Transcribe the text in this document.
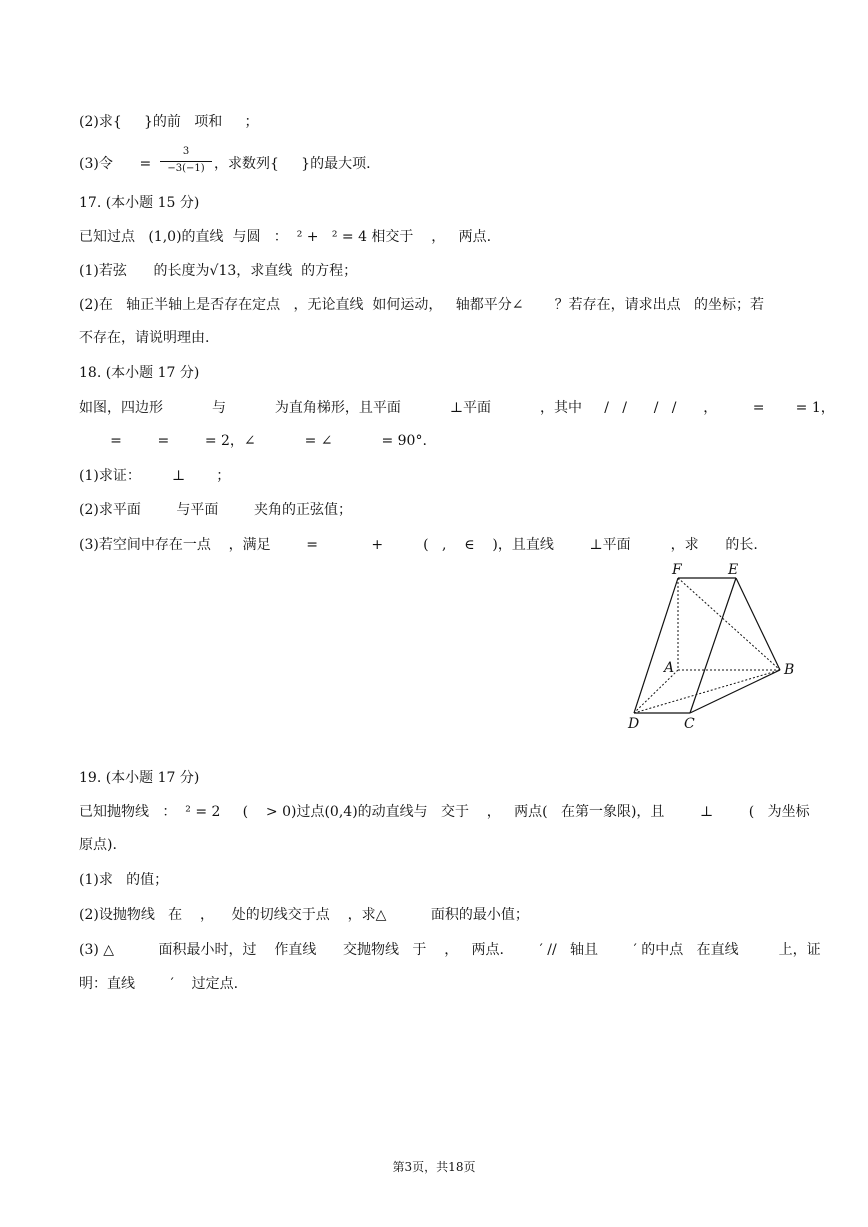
(2)求{     }的前   项和     ；
(3)令      =
3
−3(−1) ，求数列{     }的最大项.
17. (本小题 15 分)
已知过点   (1,0)的直线  与圆   ：  ² +   ² = 4 相交于    ，   两点.
(1)若弦      的长度为√13，求直线  的方程；
(2)在   轴正半轴上是否存在定点   ，无论直线  如何运动，   轴都平分∠       ？若存在，请求出点   的坐标；若
不存在，请说明理由.
18. (本小题 17 分)
如图，四边形           与           为直角梯形，且平面           ⊥平面           ，其中     /   /      /   /      ，        =       = 1，
=        =        = 2，∠           = ∠           = 90°.
(1)求证：       ⊥       ；
(2)求平面        与平面        夹角的正弦值；
(3)若空间中存在一点    ，满足        =            +         (   ,    ∈    )，且直线        ⊥平面         ，求      的长.
F	E
A	B
D	C
19. (本小题 17 分)
已知抛物线   ：  ² = 2     (    > 0)过点(0,4)的动直线与   交于    ，   两点(   在第一象限)，且        ⊥        (   为坐标
原点).
(1)求   的值；
(2)设抛物线   在    ，    处的切线交于点    ，求△          面积的最小值；
(3) △          面积最小时，过    作直线      交抛物线   于    ，   两点.        ′ //   轴且        ′ 的中点   在直线         上，证
明：直线        ′    过定点.
第3页，共18页
